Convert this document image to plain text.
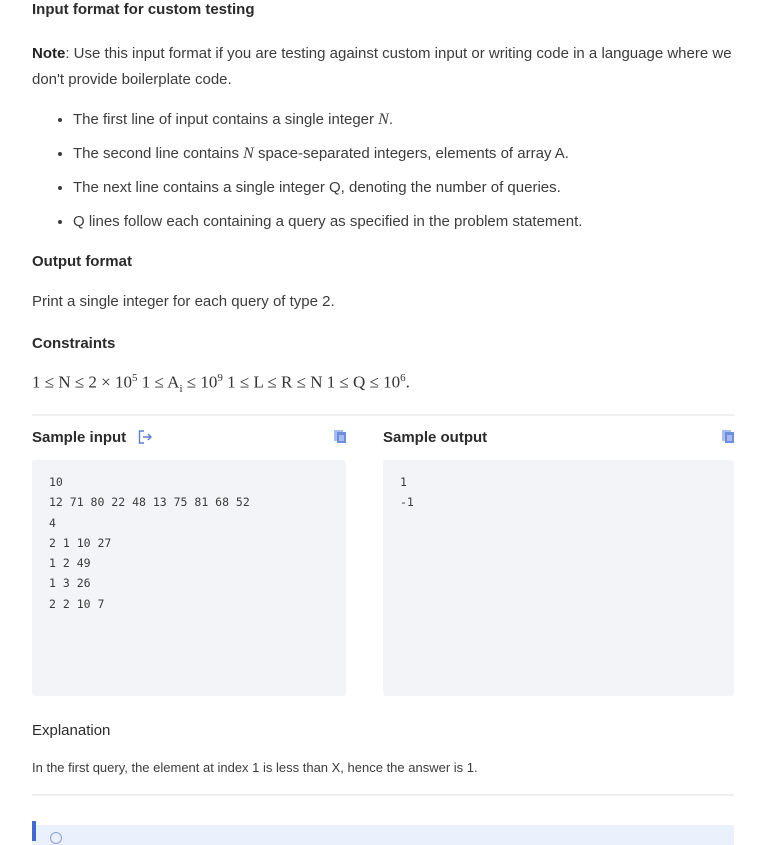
Input format for custom testing
Note: Use this input format if you are testing against custom input or writing code in a language where we don't provide boilerplate code.
• The first line of input contains a single integer N.
• The second line contains N space-separated integers, elements of array A.
• The next line contains a single integer Q, denoting the number of queries.
• Q lines follow each containing a query as specified in the problem statement.
Output format
Print a single integer for each query of type 2.
Constraints
$1 \le N \le 2 \times 10^5$ $1 \le A_i \le 10^9$ 1 ≤ L ≤ R ≤ N $1 \le Q \le 10^6$.
Sample input
10
12 71 80 22 48 13 75 81 68 52
4
2 1 10 27
1 2 49
1 3 26
2 2 10 7
Sample output
1
-1
Explanation
In the first query, the element at index 1 is less than X, hence the answer is 1.
